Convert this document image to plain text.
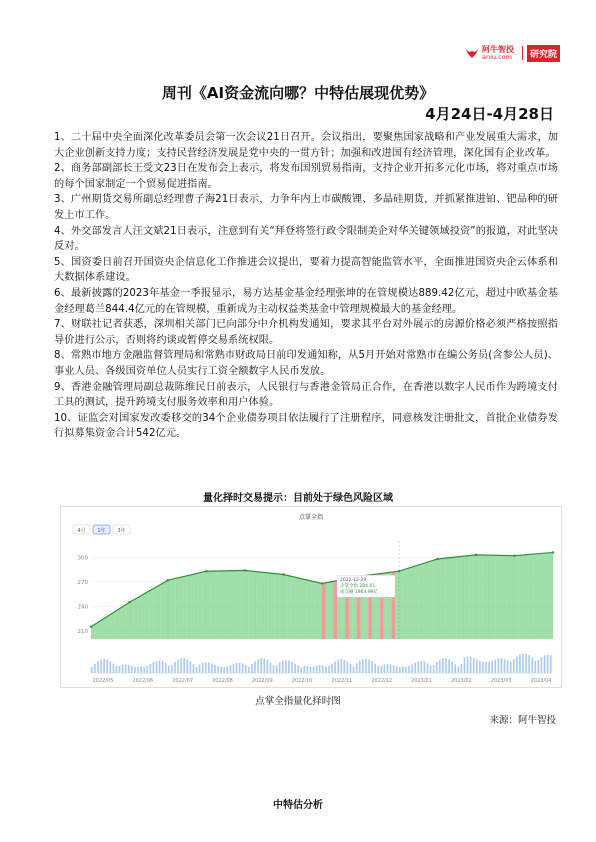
阿牛智投
aniu.com	研究院
周刊《AI资金流向哪？中特估展现优势》
4月24日-4月28日
1、二十届中央全面深化改革委员会第一次会议21日召开。会议指出，要聚焦国家战略和产业发展重大需求，加大企业创新支持力度；支持民营经济发展是党中央的一贯方针；加强和改进国有经济管理，深化国有企业改革。
2、商务部副部长王受文23日在发布会上表示，将发布国别贸易指南，支持企业开拓多元化市场，将对重点市场的每个国家制定一个贸易促进指南。
3、广州期货交易所副总经理曹子海21日表示，力争年内上市碳酸锂、多晶硅期货，并抓紧推进铂、钯品种的研发上市工作。
4、外交部发言人汪文斌21日表示，注意到有关“拜登将签行政令限制美企对华关键领域投资”的报道，对此坚决反对。
5、国资委日前召开国资央企信息化工作推进会议提出，要着力提高智能监管水平，全面推进国资央企云体系和大数据体系建设。
6、最新披露的2023年基金一季报显示，易方达基金基金经理张坤的在管规模达889.42亿元，超过中欧基金基金经理葛兰844.4亿元的在管规模，重新成为主动权益类基金中管理规模最大的基金经理。
7、财联社记者获悉，深圳相关部门已向部分中介机构发通知，要求其平台对外展示的房源价格必须严格按照指导价进行公示，否则将约谈或暂停交易系统权限。
8、常熟市地方金融监督管理局和常熟市财政局日前印发通知称，从5月开始对常熟市在编公务员(含参公人员)、事业人员、各级国资单位人员实行工资全额数字人民币发放。
9、香港金融管理局副总裁陈维民日前表示，人民银行与香港金管局正合作，在香港以数字人民币作为跨境支付工具的测试，提升跨境支付服务效率和用户体验。
10、证监会对国家发改委移交的34个企业债券项目依法履行了注册程序，同意核发注册批文，首批企业债券发行拟募集资金合计542亿元。
量化择时交易提示：目前处于绿色风险区域
点掌全指
4月 1年 3年
210
240
270
300
2022-12-29
点掌全指 284.01
成交额 1964.99亿
2022/05	2022/06	2022/07	2022/08	2022/09	2022/10	2022/11	2022/12	2023/01	2023/02	2023/03	2023/04
点掌全指量化择时图
来源：阿牛智投
中特估分析
